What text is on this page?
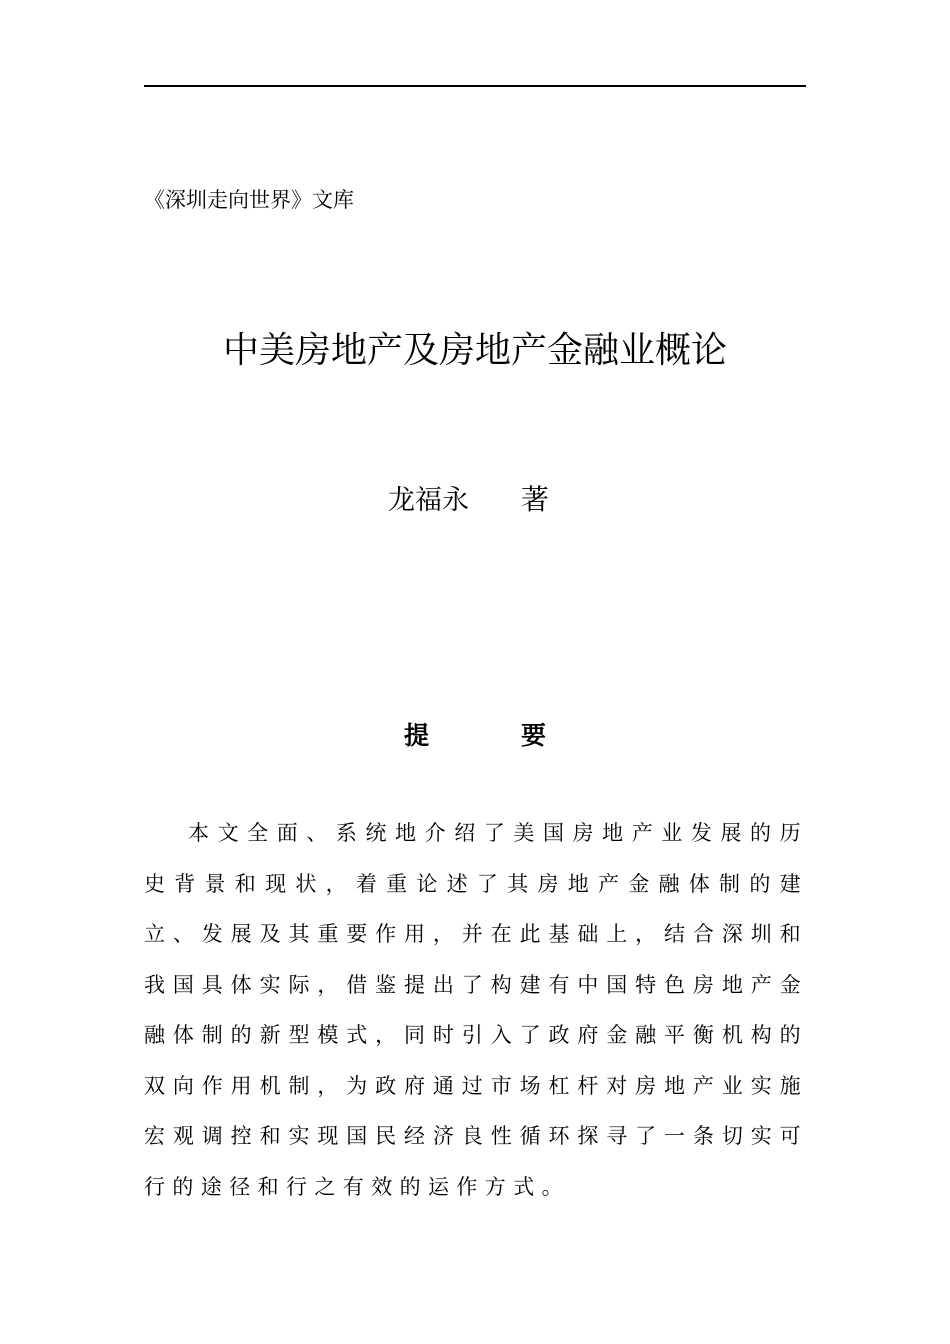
《深圳走向世界》文库
中美房地产及房地产金融业概论
龙福永 著
提要

本文全面、系统地介绍了美国房地产业发展的历史背景和现状，着重论述了其房地产金融体制的建立、发展及其重要作用，并在此基础上，结合深圳和我国具体实际，借鉴提出了构建有中国特色房地产金融体制的新型模式，同时引入了政府金融平衡机构的双向作用机制，为政府通过市场杠杆对房地产业实施宏观调控和实现国民经济良性循环探寻了一条切实可行的途径和行之有效的运作方式。
